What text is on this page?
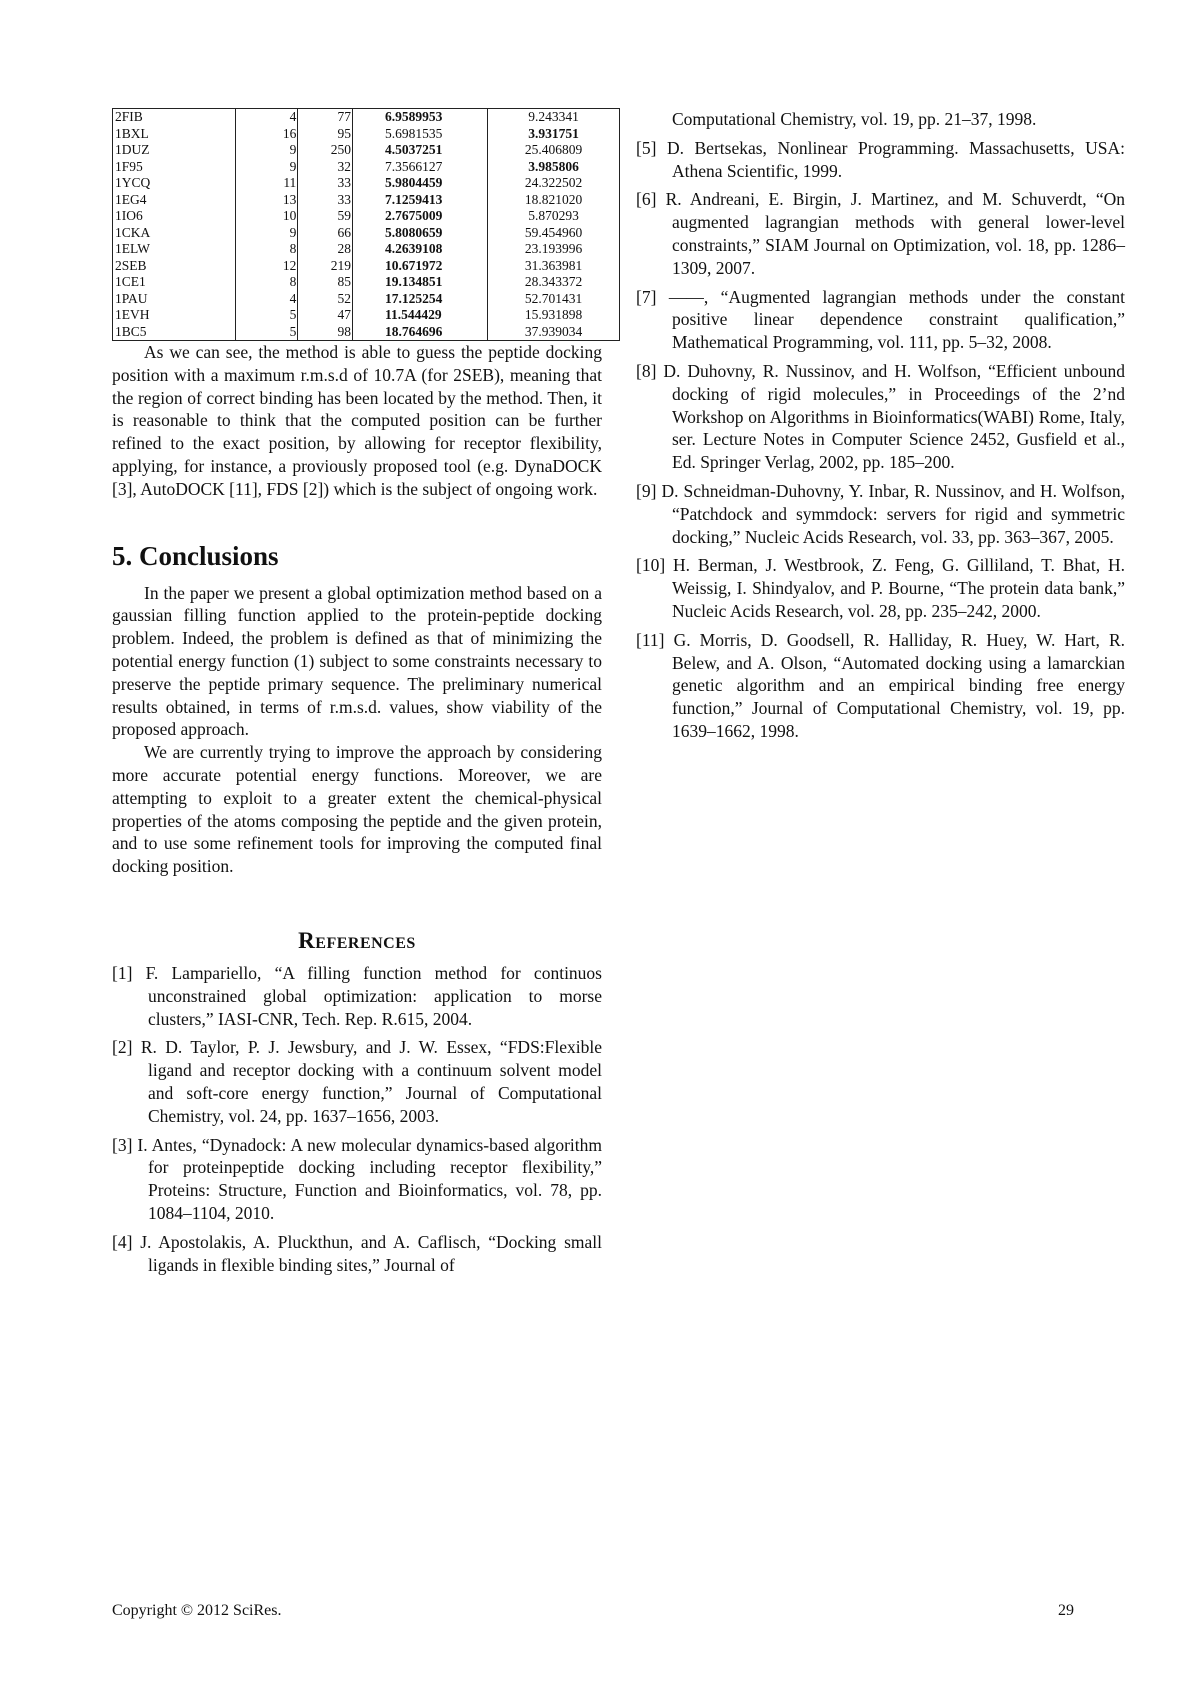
2FIB	4	77	6.9589953	9.243341
1BXL	16	95	5.6981535	3.931751
1DUZ	9	250	4.5037251	25.406809
1F95	9	32	7.3566127	3.985806
1YCQ	11	33	5.9804459	24.322502
1EG4	13	33	7.1259413	18.821020
1IO6	10	59	2.7675009	5.870293
1CKA	9	66	5.8080659	59.454960
1ELW	8	28	4.2639108	23.193996
2SEB	12	219	10.671972	31.363981
1CE1	8	85	19.134851	28.343372
1PAU	4	52	17.125254	52.701431
1EVH	5	47	11.544429	15.931898
1BC5	5	98	18.764696	37.939034

As we can see, the method is able to guess the peptide docking position with a maximum r.m.s.d of 10.7A (for 2SEB), meaning that the region of correct binding has been located by the method. Then, it is reasonable to think that the computed position can be further refined to the exact position, by allowing for receptor flexibility, applying, for instance, a proviously proposed tool (e.g. DynaDOCK [3], AutoDOCK [11], FDS [2]) which is the subject of ongoing work.

5. Conclusions

In the paper we present a global optimization method based on a gaussian filling function applied to the protein-peptide docking problem. Indeed, the problem is defined as that of minimizing the potential energy function (1) subject to some constraints necessary to preserve the peptide primary sequence. The preliminary numerical results obtained, in terms of r.m.s.d. values, show viability of the proposed approach.

We are currently trying to improve the approach by considering more accurate potential energy functions. Moreover, we are attempting to exploit to a greater extent the chemical-physical properties of the atoms composing the peptide and the given protein, and to use some refinement tools for improving the computed final docking position.

References
[1] F. Lampariello, “A filling function method for continuos unconstrained global optimization: application to morse clusters,” IASI-CNR, Tech. Rep. R.615, 2004.
[2] R. D. Taylor, P. J. Jewsbury, and J. W. Essex, “FDS:Flexible ligand and receptor docking with a continuum solvent model and soft-core energy function,” Journal of Computational Chemistry, vol. 24, pp. 1637–1656, 2003.
[3] I. Antes, “Dynadock: A new molecular dynamics-based algorithm for proteinpeptide docking including receptor flexibility,” Proteins: Structure, Function and Bioinformatics, vol. 78, pp. 1084–1104, 2010.
[4] J. Apostolakis, A. Pluckthun, and A. Caflisch, “Docking small ligands in flexible binding sites,” Journal of
Computational Chemistry, vol. 19, pp. 21–37, 1998.
[5] D. Bertsekas, Nonlinear Programming. Massachusetts, USA: Athena Scientific, 1999.
[6] R. Andreani, E. Birgin, J. Martinez, and M. Schuverdt, “On augmented lagrangian methods with general lower-level constraints,” SIAM Journal on Optimization, vol. 18, pp. 1286–1309, 2007.
[7] ——, “Augmented lagrangian methods under the constant positive linear dependence constraint qualification,” Mathematical Programming, vol. 111, pp. 5–32, 2008.
[8] D. Duhovny, R. Nussinov, and H. Wolfson, “Efficient unbound docking of rigid molecules,” in Proceedings of the 2’nd Workshop on Algorithms in Bioinformatics(WABI) Rome, Italy, ser. Lecture Notes in Computer Science 2452, Gusfield et al., Ed. Springer Verlag, 2002, pp. 185–200.
[9] D. Schneidman-Duhovny, Y. Inbar, R. Nussinov, and H. Wolfson, “Patchdock and symmdock: servers for rigid and symmetric docking,” Nucleic Acids Research, vol. 33, pp. 363–367, 2005.
[10] H. Berman, J. Westbrook, Z. Feng, G. Gilliland, T. Bhat, H. Weissig, I. Shindyalov, and P. Bourne, “The protein data bank,” Nucleic Acids Research, vol. 28, pp. 235–242, 2000.
[11] G. Morris, D. Goodsell, R. Halliday, R. Huey, W. Hart, R. Belew, and A. Olson, “Automated docking using a lamarckian genetic algorithm and an empirical binding free energy function,” Journal of Computational Chemistry, vol. 19, pp. 1639–1662, 1998.
Copyright © 2012 SciRes.	29
